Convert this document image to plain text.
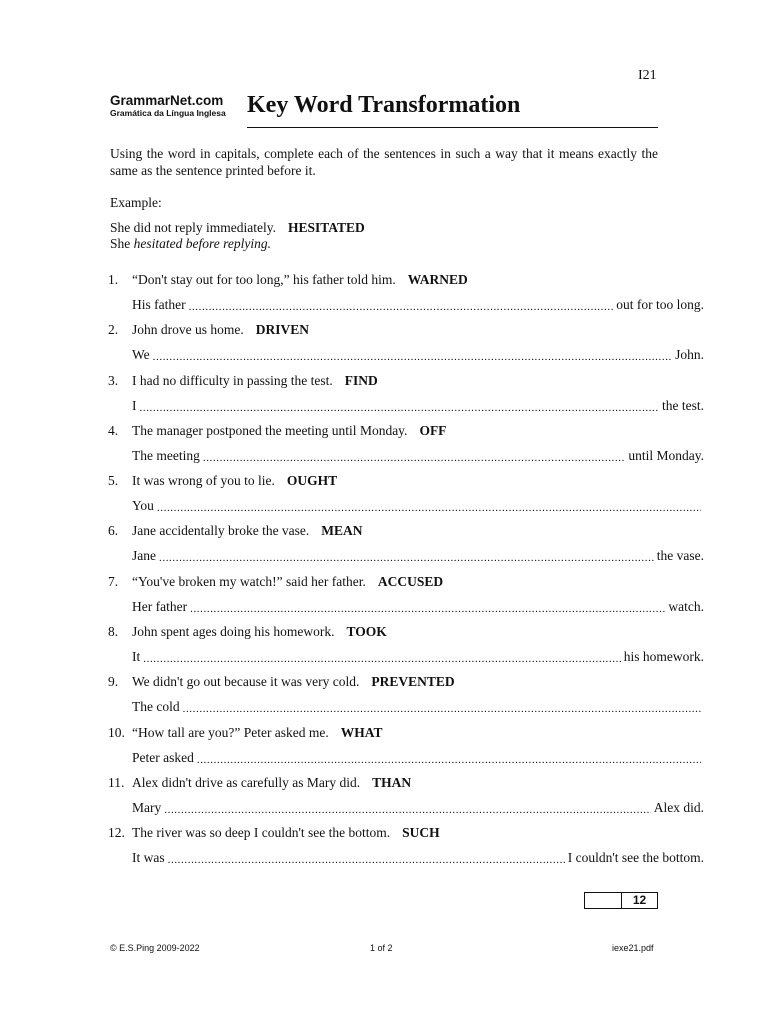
I21
GrammarNet.com
Gramática da Língua Inglesa Key Word Transformation
Using the word in capitals, complete each of the sentences in such a way that it means exactly the same as the sentence printed before it.
Example:
She did not reply immediately. HESITATED
She hesitated before replying.
1. “Don't stay out for too long,” his father told him. WARNED
His father .....	out for too long.
2. John drove us home. DRIVEN
We .....	John.
3. I had no difficulty in passing the test. FIND
I .....	the test.
4. The manager postponed the meeting until Monday. OFF
The meeting .....	until Monday.
5. It was wrong of you to lie. OUGHT
You
.....
6. Jane accidentally broke the vase. MEAN
Jane .....	the vase.
7. “You've broken my watch!” said her father. ACCUSED
Her father .....	watch.
8. John spent ages doing his homework. TOOK
It .....	his homework.
9. We didn't go out because it was very cold. PREVENTED
The cold
.....
10. “How tall are you?” Peter asked me. WHAT
Peter asked
.....
11. Alex didn't drive as carefully as Mary did. THAN
Mary .....	Alex did.
12. The river was so deep I couldn't see the bottom. SUCH
It was .....	I couldn't see the bottom.
12
© E.S.Ping 2009-2022	1 of 2	iexe21.pdf
